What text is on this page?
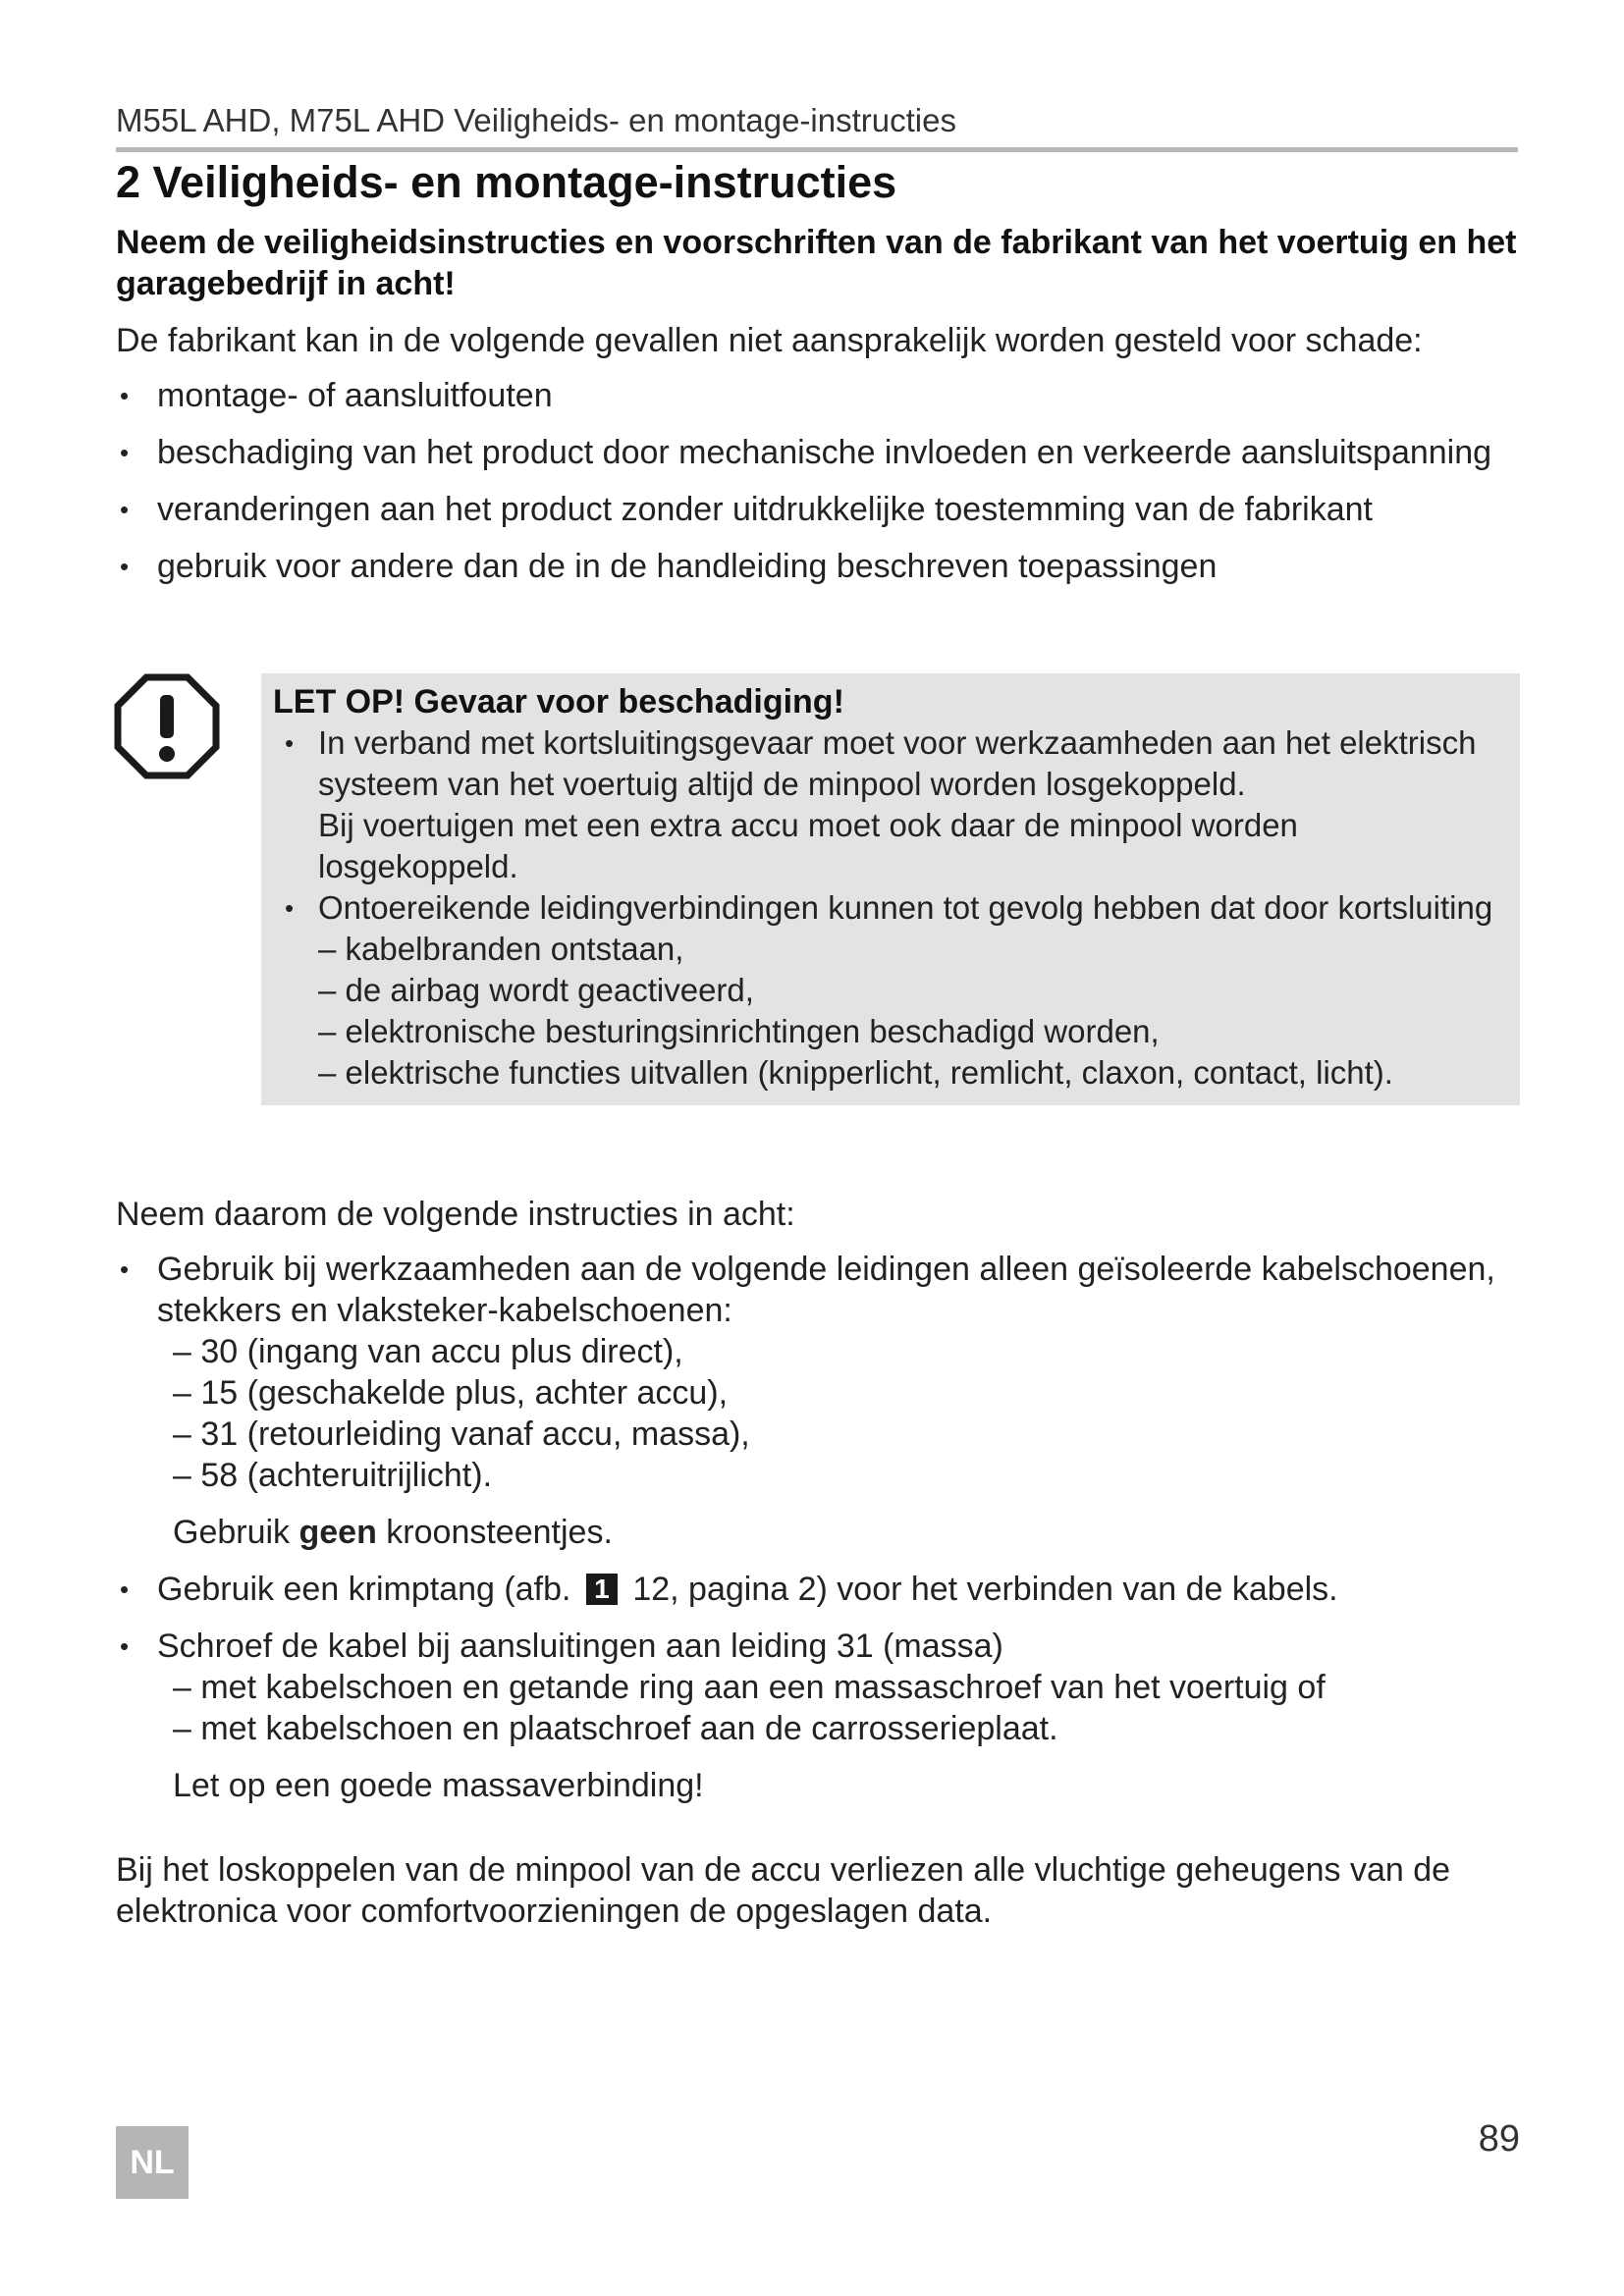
M55L AHD, M75L AHD Veiligheids- en montage-instructies
2 Veiligheids- en montage-instructies
Neem de veiligheidsinstructies en voorschriften van de fabrikant van het voertuig en het garagebedrijf in acht!
De fabrikant kan in de volgende gevallen niet aansprakelijk worden gesteld voor schade:
• montage- of aansluitfouten
• beschadiging van het product door mechanische invloeden en verkeerde aansluitspanning
• veranderingen aan het product zonder uitdrukkelijke toestemming van de fabrikant
• gebruik voor andere dan de in de handleiding beschreven toepassingen
LET OP! Gevaar voor beschadiging!
• In verband met kortsluitingsgevaar moet voor werkzaamheden aan het elektrisch systeem van het voertuig altijd de minpool worden losgekoppeld.
Bij voertuigen met een extra accu moet ook daar de minpool worden losgekoppeld.
• Ontoereikende leidingverbindingen kunnen tot gevolg hebben dat door kortsluiting
– kabelbranden ontstaan,
– de airbag wordt geactiveerd,
– elektronische besturingsinrichtingen beschadigd worden,
– elektrische functies uitvallen (knipperlicht, remlicht, claxon, contact, licht).
Neem daarom de volgende instructies in acht:
• Gebruik bij werkzaamheden aan de volgende leidingen alleen geïsoleerde kabelschoenen, stekkers en vlaksteker-kabelschoenen:
– 30 (ingang van accu plus direct),
– 15 (geschakelde plus, achter accu),
– 31 (retourleiding vanaf accu, massa),
– 58 (achteruitrijlicht).
Gebruik geen kroonsteentjes.
• Gebruik een krimptang (afb. 1 12, pagina 2) voor het verbinden van de kabels.
• Schroef de kabel bij aansluitingen aan leiding 31 (massa)
– met kabelschoen en getande ring aan een massaschroef van het voertuig of
– met kabelschoen en plaatschroef aan de carrosserieplaat.
Let op een goede massaverbinding!
Bij het loskoppelen van de minpool van de accu verliezen alle vluchtige geheugens van de elektronica voor comfortvoorzieningen de opgeslagen data.
89
NL
